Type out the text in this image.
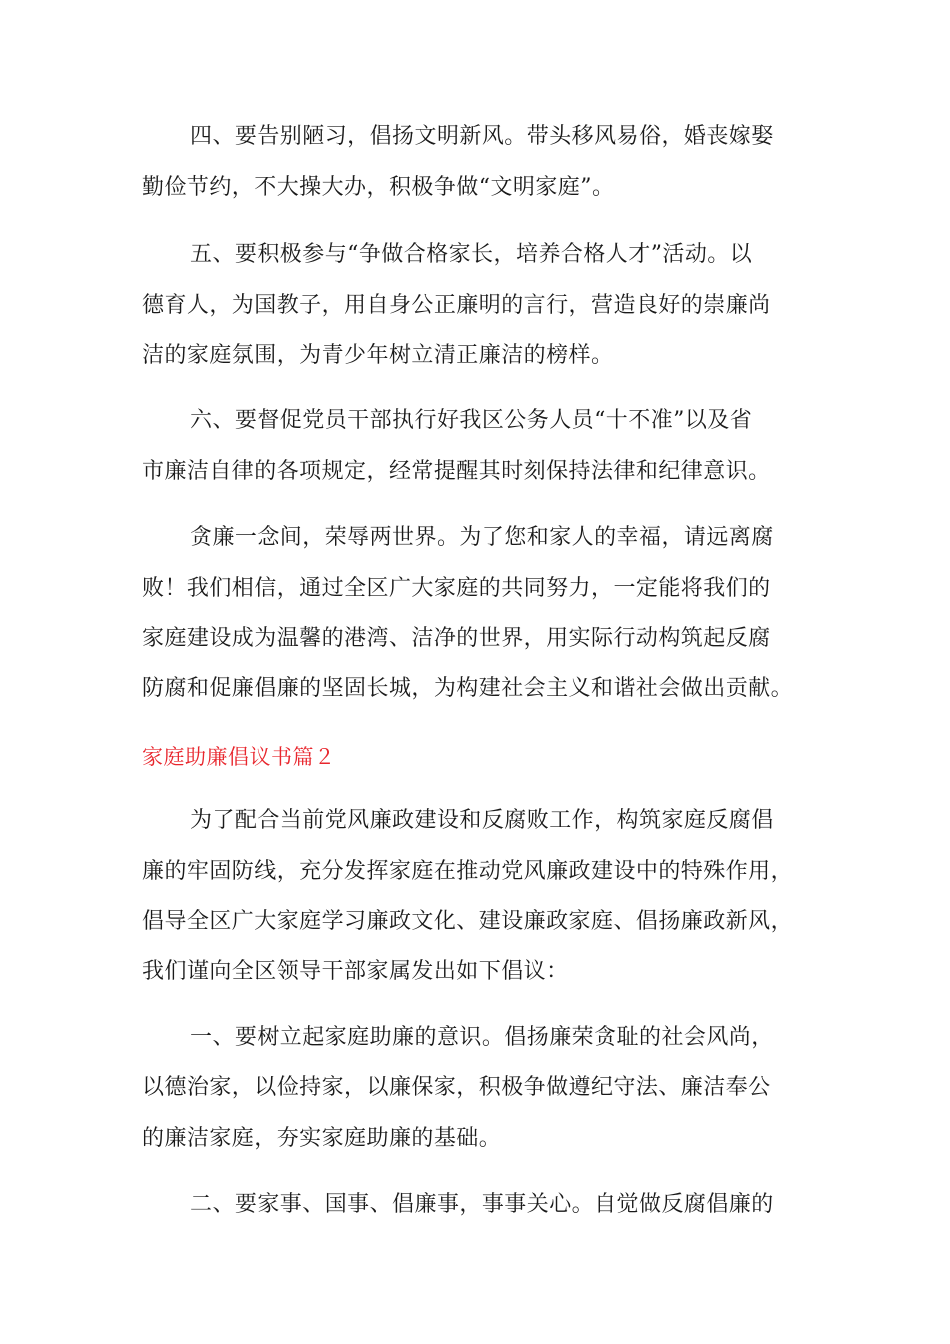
四、要告别陋习，倡扬文明新风。带头移风易俗，婚丧嫁娶

勤俭节约，不大操大办，积极争做“文明家庭”。

五、要积极参与“争做合格家长，培养合格人才”活动。以

德育人，为国教子，用自身公正廉明的言行，营造良好的崇廉尚

洁的家庭氛围，为青少年树立清正廉洁的榜样。

六、要督促党员干部执行好我区公务人员“十不准”以及省

市廉洁自律的各项规定，经常提醒其时刻保持法律和纪律意识。

贪廉一念间，荣辱两世界。为了您和家人的幸福，请远离腐

败！我们相信，通过全区广大家庭的共同努力，一定能将我们的

家庭建设成为温馨的港湾、洁净的世界，用实际行动构筑起反腐

防腐和促廉倡廉的坚固长城，为构建社会主义和谐社会做出贡献。

家庭助廉倡议书篇２

为了配合当前党风廉政建设和反腐败工作，构筑家庭反腐倡

廉的牢固防线，充分发挥家庭在推动党风廉政建设中的特殊作用，

倡导全区广大家庭学习廉政文化、建设廉政家庭、倡扬廉政新风，

我们谨向全区领导干部家属发出如下倡议：

一、要树立起家庭助廉的意识。倡扬廉荣贪耻的社会风尚，

以德治家，以俭持家，以廉保家，积极争做遵纪守法、廉洁奉公

的廉洁家庭，夯实家庭助廉的基础。

二、要家事、国事、倡廉事，事事关心。自觉做反腐倡廉的
